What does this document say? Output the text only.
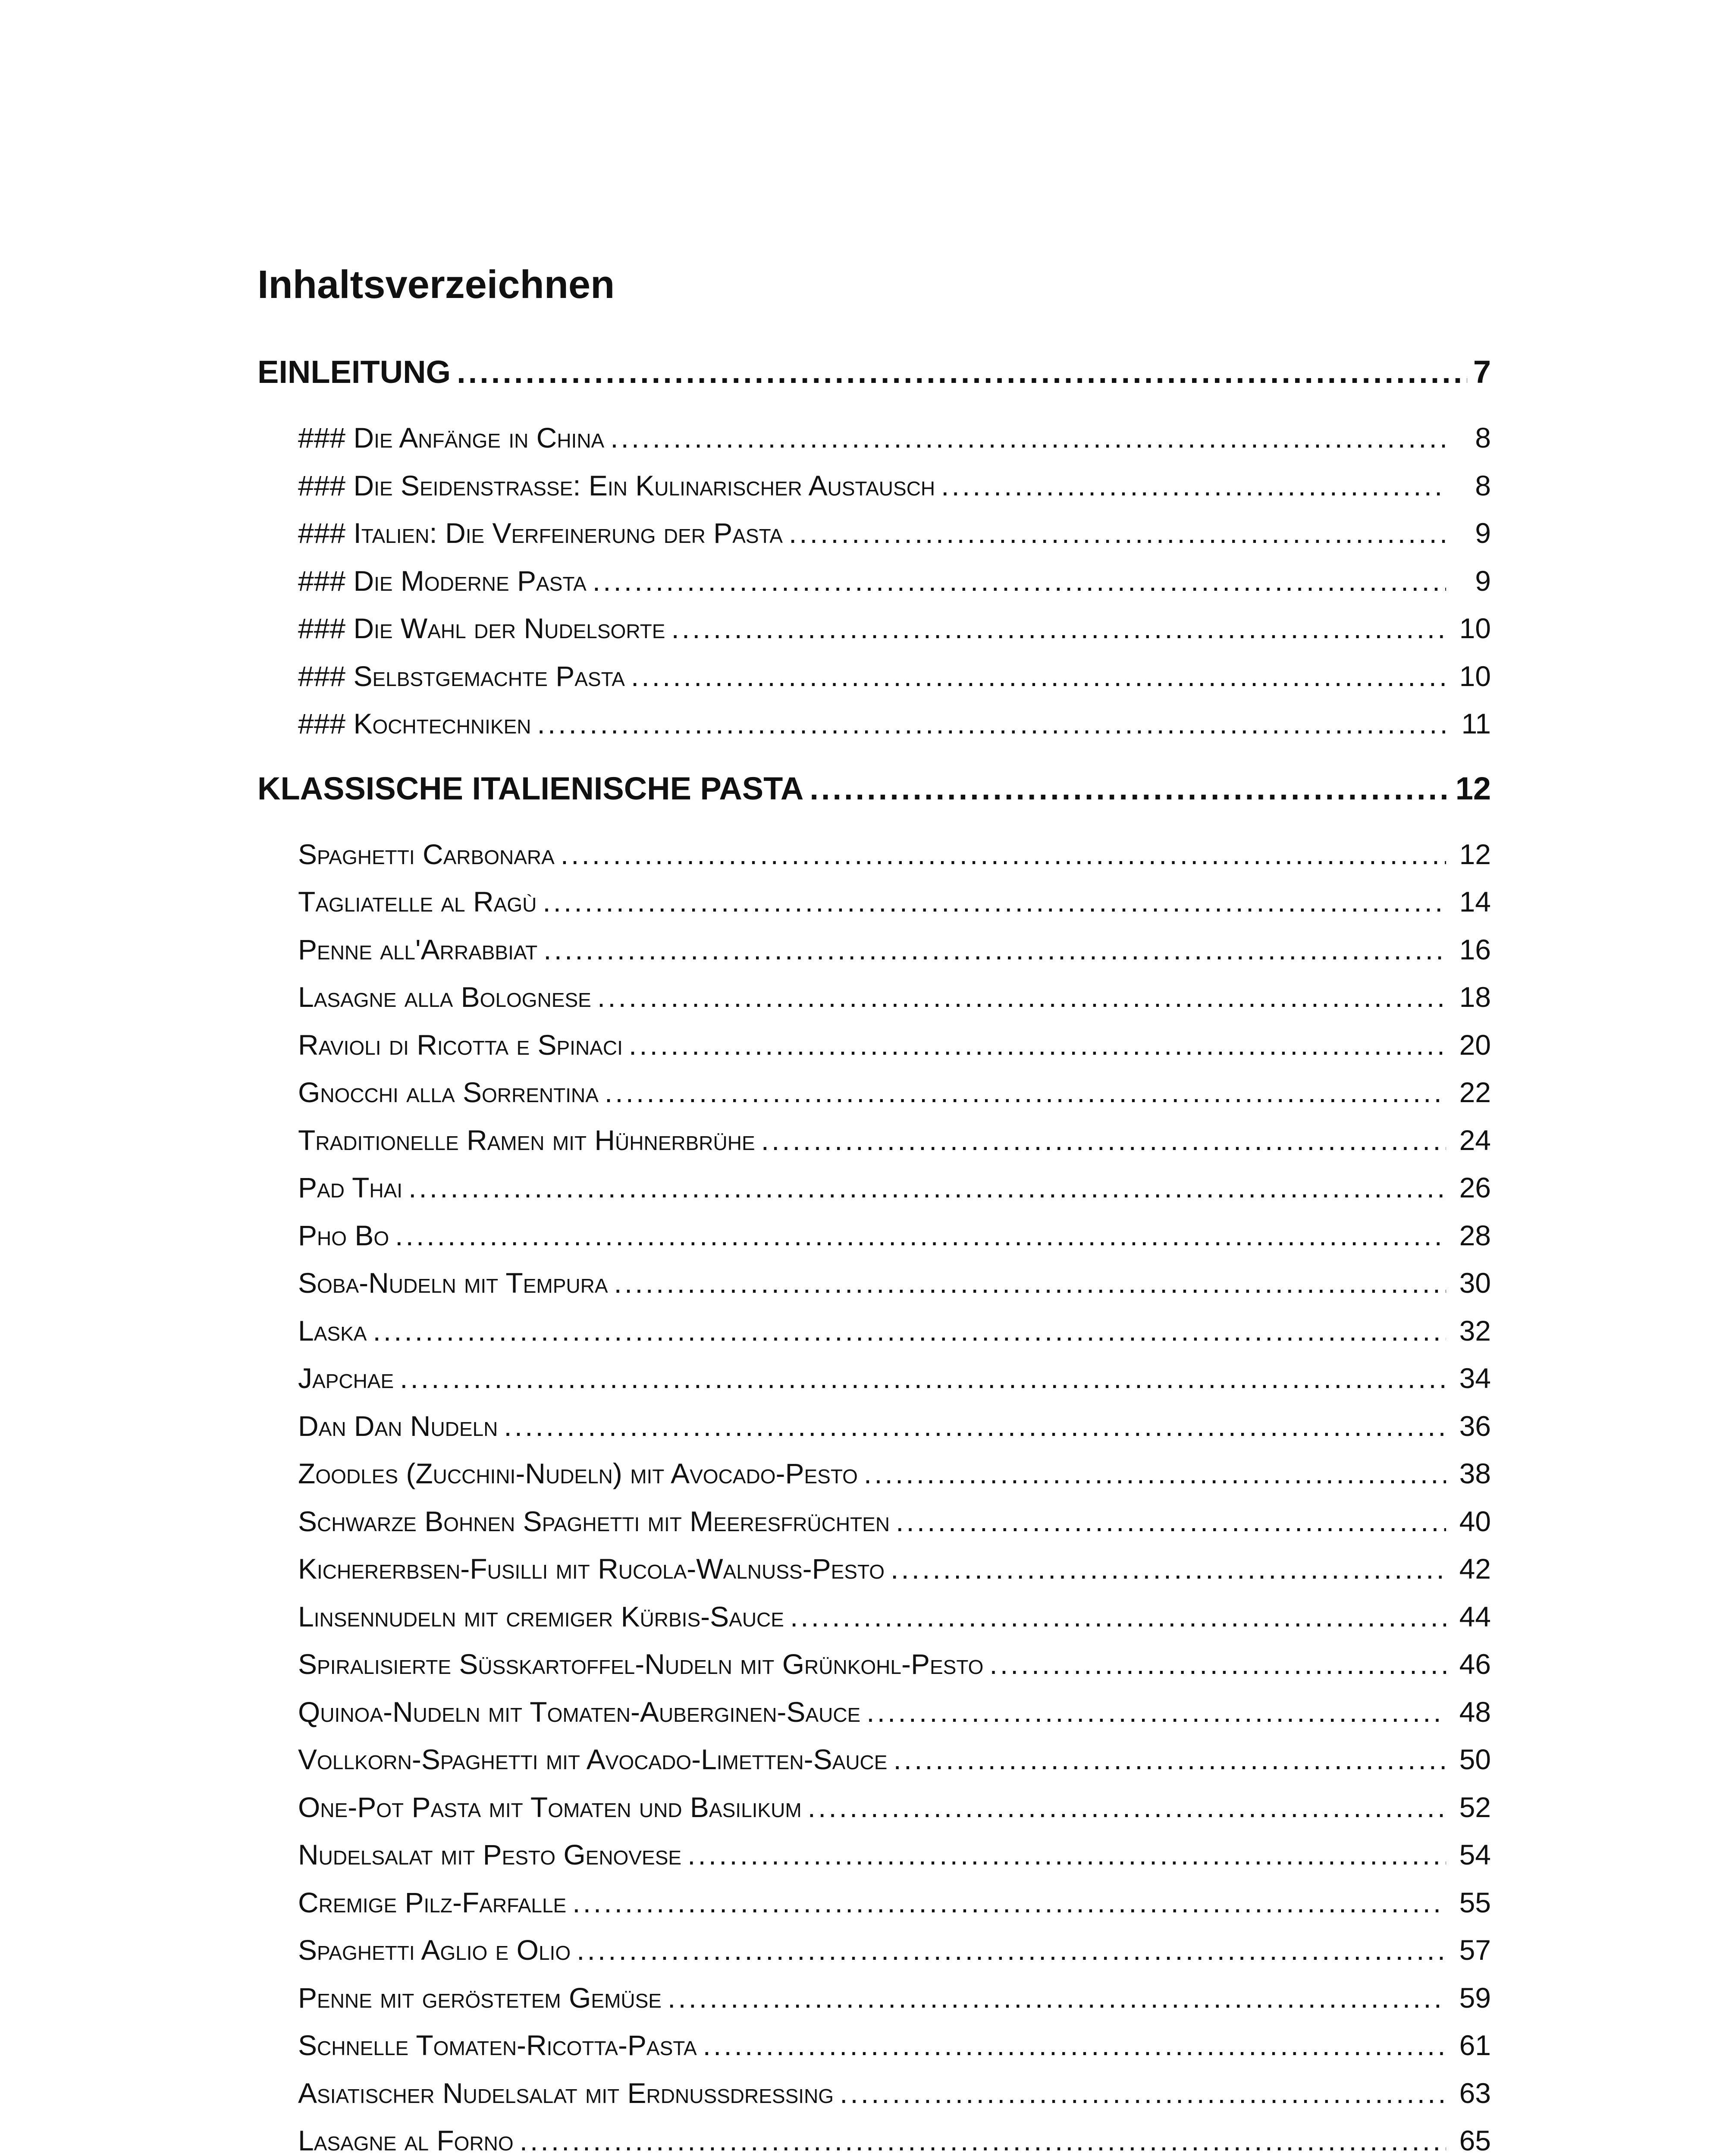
Inhaltsverzeichnen
EINLEITUNG .....	7
### Die Anfänge in China .....	8
### Die Seidenstraße: Ein Kulinarischer Austausch .....	8
### Italien: Die Verfeinerung der Pasta .....	9
### Die Moderne Pasta .....	9
### Die Wahl der Nudelsorte .....	10
### Selbstgemachte Pasta .....	10
### Kochtechniken .....	11
KLASSISCHE ITALIENISCHE PASTA .....	12
Spaghetti Carbonara .....	12
Tagliatelle al Ragù .....	14
Penne all'Arrabbiat .....	16
Lasagne alla Bolognese .....	18
Ravioli di Ricotta e Spinaci .....	20
Gnocchi alla Sorrentina .....	22
Traditionelle Ramen mit Hühnerbrühe .....	24
Pad Thai .....	26
Pho Bo .....	28
Soba-Nudeln mit Tempura .....	30
Laska .....	32
Japchae .....	34
Dan Dan Nudeln .....	36
Zoodles (Zucchini-Nudeln) mit Avocado-Pesto .....	38
Schwarze Bohnen Spaghetti mit Meeresfrüchten .....	40
Kichererbsen-Fusilli mit Rucola-Walnuss-Pesto .....	42
Linsennudeln mit cremiger Kürbis-Sauce .....	44
Spiralisierte Süßkartoffel-Nudeln mit Grünkohl-Pesto .....	46
Quinoa-Nudeln mit Tomaten-Auberginen-Sauce .....	48
Vollkorn-Spaghetti mit Avocado-Limetten-Sauce .....	50
One-Pot Pasta mit Tomaten und Basilikum .....	52
Nudelsalat mit Pesto Genovese .....	54
Cremige Pilz-Farfalle .....	55
Spaghetti Aglio e Olio .....	57
Penne mit geröstetem Gemüse .....	59
Schnelle Tomaten-Ricotta-Pasta .....	61
Asiatischer Nudelsalat mit Erdnussdressing .....	63
Lasagne al Forno .....	65
